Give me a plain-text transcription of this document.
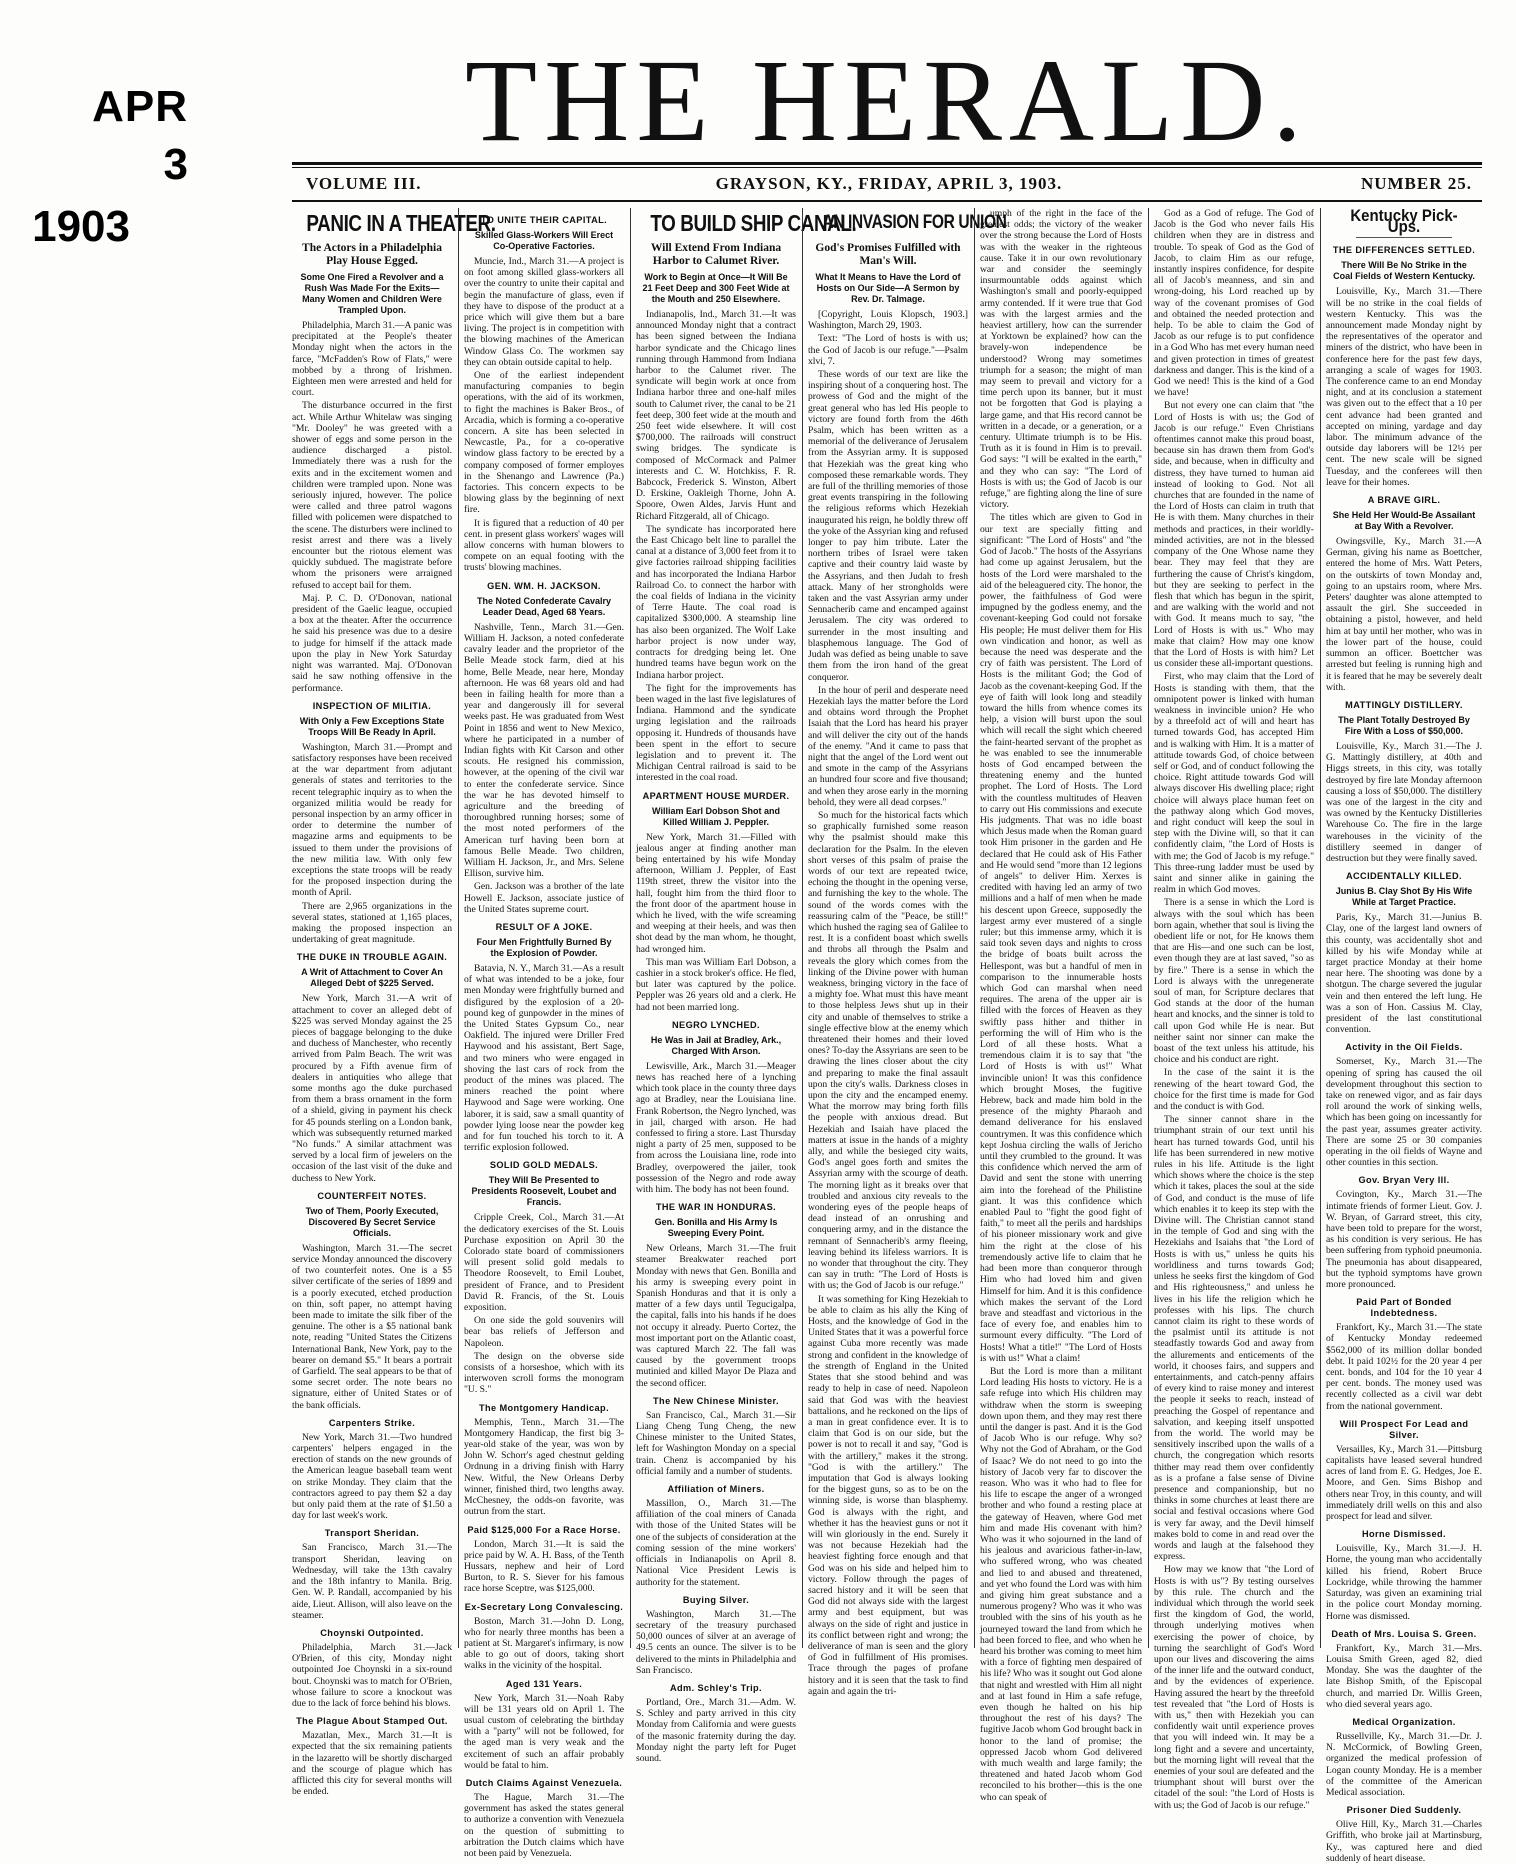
APR
3
1903
THE HERALD.
VOLUME III.	GRAYSON, KY., FRIDAY, APRIL 3, 1903.	NUMBER 25.
PANIC IN A THEATER.
The Actors in a Philadelphia Play House Egged.
Some One Fired a Revolver and a Rush Was Made For the Exits—Many Women and Children Were Trampled Upon.

Philadelphia, March 31.—A panic was precipitated at the People's theater Monday night when the actors in the farce, "McFadden's Row of Flats," were mobbed by a throng of Irishmen. Eighteen men were arrested and held for court.

The disturbance occurred in the first act. While Arthur Whitelaw was singing "Mr. Dooley" he was greeted with a shower of eggs and some person in the audience discharged a pistol. Immediately there was a rush for the exits and in the excitement women and children were trampled upon. None was seriously injured, however. The police were called and three patrol wagons filled with policemen were dispatched to the scene. The disturbers were inclined to resist arrest and there was a lively encounter but the riotous element was quickly subdued. The magistrate before whom the prisoners were arraigned refused to accept bail for them.

Maj. P. C. D. O'Donovan, national president of the Gaelic league, occupied a box at the theater. After the occurrence he said his presence was due to a desire to judge for himself if the attack made upon the play in New York Saturday night was warranted. Maj. O'Donovan said he saw nothing offensive in the performance.

INSPECTION OF MILITIA.
With Only a Few Exceptions State Troops Will Be Ready In April.

Washington, March 31.—Prompt and satisfactory responses have been received at the war department from adjutant generals of states and territories to the recent telegraphic inquiry as to when the organized militia would be ready for personal inspection by an army officer in order to determine the number of magazine arms and equipments to be issued to them under the provisions of the new militia law. With only few exceptions the state troops will be ready for the proposed inspection during the month of April.

There are 2,965 organizations in the several states, stationed at 1,165 places, making the proposed inspection an undertaking of great magnitude.

THE DUKE IN TROUBLE AGAIN.
A Writ of Attachment to Cover An Alleged Debt of $225 Served.

New York, March 31.—A writ of attachment to cover an alleged debt of $225 was served Monday against the 25 pieces of baggage belonging to the duke and duchess of Manchester, who recently arrived from Palm Beach. The writ was procured by a Fifth avenue firm of dealers in antiquities who allege that some months ago the duke purchased from them a brass ornament in the form of a shield, giving in payment his check for 45 pounds sterling on a London bank, which was subsequently returned marked "No funds." A similar attachment was served by a local firm of jewelers on the occasion of the last visit of the duke and duchess to New York.

COUNTERFEIT NOTES.
Two of Them, Poorly Executed, Discovered By Secret Service Officials.

Washington, March 31.—The secret service Monday announced the discovery of two counterfeit notes. One is a $5 silver certificate of the series of 1899 and is a poorly executed, etched production on thin, soft paper, no attempt having been made to imitate the silk fiber of the genuine. The other is a $5 national bank note, reading "United States the Citizens International Bank, New York, pay to the bearer on demand $5." It bears a portrait of Garfield. The seal appears to be that of some secret order. The note bears no signature, either of United States or of the bank officials.

Carpenters Strike.

New York, March 31.—Two hundred carpenters' helpers engaged in the erection of stands on the new grounds of the American league baseball team went on strike Monday. They claim that the contractors agreed to pay them $2 a day but only paid them at the rate of $1.50 a day for last week's work.

Transport Sheridan.

San Francisco, March 31.—The transport Sheridan, leaving on Wednesday, will take the 13th cavalry and the 18th infantry to Manila. Brig. Gen. W. P. Randall, accompanied by his aide, Lieut. Allison, will also leave on the steamer.

Choynski Outpointed.

Philadelphia, March 31.—Jack O'Brien, of this city, Monday night outpointed Joe Choynski in a six-round bout. Choynski was to match for O'Brien, whose failure to score a knockout was due to the lack of force behind his blows.

The Plague About Stamped Out.

Mazatlan, Mex., March 31.—It is expected that the six remaining patients in the lazaretto will be shortly discharged and the scourge of plague which has afflicted this city for several months will be ended.

TO UNITE THEIR CAPITAL.
Skilled Glass-Workers Will Erect Co-Operative Factories.

Muncie, Ind., March 31.—A project is on foot among skilled glass-workers all over the country to unite their capital and begin the manufacture of glass, even if they have to dispose of the product at a price which will give them but a bare living. The project is in competition with the blowing machines of the American Window Glass Co. The workmen say they can obtain outside capital to help.

One of the earliest independent manufacturing companies to begin operations, with the aid of its workmen, to fight the machines is Baker Bros., of Arcadia, which is forming a co-operative concern. A site has been selected in Newcastle, Pa., for a co-operative window glass factory to be erected by a company composed of former employes in the Shenango and Lawrence (Pa.) factories. This concern expects to be blowing glass by the beginning of next fire.

It is figured that a reduction of 40 per cent. in present glass workers' wages will allow concerns with human blowers to compete on an equal footing with the trusts' blowing machines.

GEN. WM. H. JACKSON.
The Noted Confederate Cavalry Leader Dead, Aged 68 Years.

Nashville, Tenn., March 31.—Gen. William H. Jackson, a noted confederate cavalry leader and the proprietor of the Belle Meade stock farm, died at his home, Belle Meade, near here, Monday afternoon. He was 68 years old and had been in failing health for more than a year and dangerously ill for several weeks past. He was graduated from West Point in 1856 and went to New Mexico, where he participated in a number of Indian fights with Kit Carson and other scouts. He resigned his commission, however, at the opening of the civil war to enter the confederate service. Since the war he has devoted himself to agriculture and the breeding of thoroughbred running horses; some of the most noted performers of the American turf having been born at famous Belle Meade. Two children, William H. Jackson, Jr., and Mrs. Selene Ellison, survive him.

Gen. Jackson was a brother of the late Howell E. Jackson, associate justice of the United States supreme court.

RESULT OF A JOKE.
Four Men Frightfully Burned By the Explosion of Powder.

Batavia, N. Y., March 31.—As a result of what was intended to be a joke, four men Monday were frightfully burned and disfigured by the explosion of a 20-pound keg of gunpowder in the mines of the United States Gypsum Co., near Oakfield. The injured were Driller Fred Haywood and his assistant, Bert Sage, and two miners who were engaged in shoving the last cars of rock from the product of the mines was placed. The miners reached the point where Haywood and Sage were working. One laborer, it is said, saw a small quantity of powder lying loose near the powder keg and for fun touched his torch to it. A terrific explosion followed.

SOLID GOLD MEDALS.
They Will Be Presented to Presidents Roosevelt, Loubet and Francis.

Cripple Creek, Col., March 31.—At the dedicatory exercises of the St. Louis Purchase exposition on April 30 the Colorado state board of commissioners will present solid gold medals to Theodore Roosevelt, to Emil Loubet, president of France, and to President David R. Francis, of the St. Louis exposition.

On one side the gold souvenirs will bear bas reliefs of Jefferson and Napoleon.

The design on the obverse side consists of a horseshoe, which with its interwoven scroll forms the monogram "U. S."

The Montgomery Handicap.

Memphis, Tenn., March 31.—The Montgomery Handicap, the first big 3-year-old stake of the year, was won by John W. Schorr's aged chestnut gelding Ordnung in a driving finish with Harry New. Witful, the New Orleans Derby winner, finished third, two lengths away. McChesney, the odds-on favorite, was outrun from the start.

Paid $125,000 For a Race Horse.

London, March 31.—It is said the price paid by W. A. H. Bass, of the Tenth Hussars, nephew and heir of Lord Burton, to R. S. Siever for his famous race horse Sceptre, was $125,000.

Ex-Secretary Long Convalescing.

Boston, March 31.—John D. Long, who for nearly three months has been a patient at St. Margaret's infirmary, is now able to go out of doors, taking short walks in the vicinity of the hospital.

Aged 131 Years.

New York, March 31.—Noah Raby will be 131 years old on April 1. The usual custom of celebrating the birthday with a "party" will not be followed, for the aged man is very weak and the excitement of such an affair probably would be fatal to him.

Dutch Claims Against Venezuela.

The Hague, March 31.—The government has asked the states general to authorize a convention with Venezuela on the question of submitting to arbitration the Dutch claims which have not been paid by Venezuela.

TO BUILD SHIP CANAL.
Will Extend From Indiana Harbor to Calumet River.
Work to Begin at Once—It Will Be 21 Feet Deep and 300 Feet Wide at the Mouth and 250 Elsewhere.

Indianapolis, Ind., March 31.—It was announced Monday night that a contract has been signed between the Indiana harbor syndicate and the Chicago lines running through Hammond from Indiana harbor to the Calumet river. The syndicate will begin work at once from Indiana harbor three and one-half miles south to Calumet river, the canal to be 21 feet deep, 300 feet wide at the mouth and 250 feet wide elsewhere. It will cost $700,000. The railroads will construct swing bridges. The syndicate is composed of McCormack and Palmer interests and C. W. Hotchkiss, F. R. Babcock, Frederick S. Winston, Albert D. Erskine, Oakleigh Thorne, John A. Spoore, Owen Aldes, Jarvis Hunt and Richard Fitzgerald, all of Chicago.

The syndicate has incorporated here the East Chicago belt line to parallel the canal at a distance of 3,000 feet from it to give factories railroad shipping facilities and has incorporated the Indiana Harbor Railroad Co. to connect the harbor with the coal fields of Indiana in the vicinity of Terre Haute. The coal road is capitalized $300,000. A steamship line has also been organized. The Wolf Lake harbor project is now under way, contracts for dredging being let. One hundred teams have begun work on the Indiana harbor project.

The fight for the improvements has been waged in the last five legislatures of Indiana. Hammond and the syndicate urging legislation and the railroads opposing it. Hundreds of thousands have been spent in the effort to secure legislation and to prevent it. The Michigan Central railroad is said to be interested in the coal road.

APARTMENT HOUSE MURDER.
William Earl Dobson Shot and Killed William J. Peppler.

New York, March 31.—Filled with jealous anger at finding another man being entertained by his wife Monday afternoon, William J. Peppler, of East 119th street, threw the visitor into the hall, fought him from the third floor to the front door of the apartment house in which he lived, with the wife screaming and weeping at their heels, and was then shot dead by the man whom, he thought, had wronged him.

This man was William Earl Dobson, a cashier in a stock broker's office. He fled, but later was captured by the police. Peppler was 26 years old and a clerk. He had not been married long.

NEGRO LYNCHED.
He Was in Jail at Bradley, Ark., Charged With Arson.

Lewisville, Ark., March 31.—Meager news has reached here of a lynching which took place in the county three days ago at Bradley, near the Louisiana line. Frank Robertson, the Negro lynched, was in jail, charged with arson. He had confessed to firing a store. Last Thursday night a party of 25 men, supposed to be from across the Louisiana line, rode into Bradley, overpowered the jailer, took possession of the Negro and rode away with him. The body has not been found.

THE WAR IN HONDURAS.
Gen. Bonilla and His Army Is Sweeping Every Point.

New Orleans, March 31.—The fruit steamer Breakwater reached port Monday with news that Gen. Bonilla and his army is sweeping every point in Spanish Honduras and that it is only a matter of a few days until Tegucigalpa, the capital, falls into his hands if he does not occupy it already. Puerto Cortez, the most important port on the Atlantic coast, was captured March 22. The fall was caused by the government troops mutinied and killed Mayor De Plaza and the second officer.

The New Chinese Minister.

San Francisco, Cal., March 31.—Sir Liang Cheng Tung Cheng, the new Chinese minister to the United States, left for Washington Monday on a special train. Chenz is accompanied by his official family and a number of students.

Affiliation of Miners.

Massillon, O., March 31.—The affiliation of the coal miners of Canada with those of the United States will be one of the subjects of consideration at the coming session of the mine workers' officials in Indianapolis on April 8. National Vice President Lewis is authority for the statement.

Buying Silver.

Washington, March 31.—The secretary of the treasury purchased 50,000 ounces of silver at an average of 49.5 cents an ounce. The silver is to be delivered to the mints in Philadelphia and San Francisco.

Adm. Schley's Trip.

Portland, Ore., March 31.—Adm. W. S. Schley and party arrived in this city Monday from California and were guests of the masonic fraternity during the day. Monday night the party left for Puget sound.

AN INVASION FOR UNION
God's Promises Fulfilled with Man's Will.
What It Means to Have the Lord of Hosts on Our Side—A Sermon by Rev. Dr. Talmage.

[Copyright, Louis Klopsch, 1903.] Washington, March 29, 1903.

Text: "The Lord of hosts is with us; the God of Jacob is our refuge."—Psalm xlvi, 7.

These words of our text are like the inspiring shout of a conquering host. The prowess of God and the might of the great general who has led His people to victory are found forth from the 46th Psalm, which has been written as a memorial of the deliverance of Jerusalem from the Assyrian army. It is supposed that Hezekiah was the great king who composed these remarkable words. They are full of the thrilling memories of those great events transpiring in the following the religious reforms which Hezekiah inaugurated his reign, he boldly threw off the yoke of the Assyrian king and refused longer to pay him tribute. Later the northern tribes of Israel were taken captive and their country laid waste by the Assyrians, and then Judah to fresh attack. Many of her strongholds were taken and the vast Assyrian army under Sennacherib came and encamped against Jerusalem. The city was ordered to surrender in the most insulting and blasphemous language. The God of Judah was defied as being unable to save them from the iron hand of the great conqueror.

In the hour of peril and desperate need Hezekiah lays the matter before the Lord and obtains word through the Prophet Isaiah that the Lord has heard his prayer and will deliver the city out of the hands of the enemy. "And it came to pass that night that the angel of the Lord went out and smote in the camp of the Assyrians an hundred four score and five thousand; and when they arose early in the morning behold, they were all dead corpses."

So much for the historical facts which so graphically furnished some reason why the psalmist should make this declaration for the Psalm. In the eleven short verses of this psalm of praise the words of our text are repeated twice, echoing the thought in the opening verse, and furnishing the key to the whole. The sound of the words comes with the reassuring calm of the "Peace, be still!" which hushed the raging sea of Galilee to rest. It is a confident boast which swells and throbs all through the Psalm and reveals the glory which comes from the linking of the Divine power with human weakness, bringing victory in the face of a mighty foe. What must this have meant to those helpless Jews shut up in their city and unable of themselves to strike a single effective blow at the enemy which threatened their homes and their loved ones? To-day the Assyrians are seen to be drawing the lines closer about the city and preparing to make the final assault upon the city's walls. Darkness closes in upon the city and the encamped enemy. What the morrow may bring forth fills the people with anxious dread. But Hezekiah and Isaiah have placed the matters at issue in the hands of a mighty ally, and while the besieged city waits, God's angel goes forth and smites the Assyrian army with the scourge of death. The morning light as it breaks over that troubled and anxious city reveals to the wondering eyes of the people heaps of dead instead of an onrushing and conquering army, and in the distance the remnant of Sennacherib's army fleeing, leaving behind its lifeless warriors. It is no wonder that throughout the city. They can say in truth: "The Lord of Hosts is with us; the God of Jacob is our refuge."

It was something for King Hezekiah to be able to claim as his ally the King of Hosts, and the knowledge of God in the United States that it was a powerful force against Cuba more recently was made strong and confident in the knowledge of the strength of England in the United States that she stood behind and was ready to help in case of need. Napoleon said that God was with the heaviest battalions, and he reckoned on the lips of a man in great confidence ever. It is to claim that God is on our side, but the power is not to recall it and say, "God is with the artillery," makes it the strong. "God is with the artillery." The imputation that God is always looking for the biggest guns, so as to be on the winning side, is worse than blasphemy. God is always with the right, and whether it has the heaviest guns or not it will win gloriously in the end. Surely it was not because Hezekiah had the heaviest fighting force enough and that God was on his side and helped him to victory. Follow through the pages of sacred history and it will be seen that God did not always side with the largest army and best equipment, but was always on the side of right and justice in its conflict between right and wrong; the deliverance of man is seen and the glory of God in fulfillment of His promises. Trace through the pages of profane history and it is seen that the task to find again and again the tri-

umph of the right in the face of the greatest odds; the victory of the weaker over the strong because the Lord of Hosts was with the weaker in the righteous cause. Take it in our own revolutionary war and consider the seemingly insurmountable odds against which Washington's small and poorly-equipped army contended. If it were true that God was with the largest armies and the heaviest artillery, how can the surrender at Yorktown be explained? how can the bravely-won independence be understood? Wrong may sometimes triumph for a season; the might of man may seem to prevail and victory for a time perch upon its banner, but it must not be forgotten that God is playing a large game, and that His record cannot be written in a decade, or a generation, or a century. Ultimate triumph is to be His. Truth as it is found in Him is to prevail. God says: "I will be exalted in the earth," and they who can say: "The Lord of Hosts is with us; the God of Jacob is our refuge," are fighting along the line of sure victory.

The titles which are given to God in our text are specially fitting and significant: "The Lord of Hosts" and "the God of Jacob." The hosts of the Assyrians had come up against Jerusalem, but the hosts of the Lord were marshaled to the aid of the beleaguered city. The honor, the power, the faithfulness of God were impugned by the godless enemy, and the covenant-keeping God could not forsake His people; He must deliver them for His own vindication and honor, as well as because the need was desperate and the cry of faith was persistent. The Lord of Hosts is the militant God; the God of Jacob as the covenant-keeping God. If the eye of faith will look long and steadily toward the hills from whence comes its help, a vision will burst upon the soul which will recall the sight which cheered the faint-hearted servant of the prophet as he was enabled to see the innumerable hosts of God encamped between the threatening enemy and the hunted prophet. The Lord of Hosts. The Lord with the countless multitudes of Heaven to carry out His commissions and execute His judgments. That was no idle boast which Jesus made when the Roman guard took Him prisoner in the garden and He declared that He could ask of His Father and He would send "more than 12 legions of angels" to deliver Him. Xerxes is credited with having led an army of two millions and a half of men when he made his descent upon Greece, supposedly the largest army ever mustered of a single ruler; but this immense army, which it is said took seven days and nights to cross the bridge of boats built across the Hellespont, was but a handful of men in comparison to the innumerable hosts which God can marshal when need requires. The arena of the upper air is filled with the forces of Heaven as they swiftly pass hither and thither in performing the will of Him who is the Lord of all these hosts. What a tremendous claim it is to say that "the Lord of Hosts is with us!" What invincible union! It was this confidence which brought Moses, the fugitive Hebrew, back and made him bold in the presence of the mighty Pharaoh and demand deliverance for his enslaved countrymen. It was this confidence which kept Joshua circling the walls of Jericho until they crumbled to the ground. It was this confidence which nerved the arm of David and sent the stone with unerring aim into the forehead of the Philistine giant. It was this confidence which enabled Paul to "fight the good fight of faith," to meet all the perils and hardships of his pioneer missionary work and give him the right at the close of his tremendously active life to claim that he had been more than conqueror through Him who had loved him and given Himself for him. And it is this confidence which makes the servant of the Lord brave and steadfast and victorious in the face of every foe, and enables him to surmount every difficulty. "The Lord of Hosts! What a title!" "The Lord of Hosts is with us!" What a claim!

But the Lord is more than a militant Lord leading His hosts to victory. He is a safe refuge into which His children may withdraw when the storm is sweeping down upon them, and they may rest there until the danger is past. And it is the God of Jacob Who is our refuge. Why so? Why not the God of Abraham, or the God of Isaac? We do not need to go into the history of Jacob very far to discover the reason. Who was it who had to flee for his life to escape the anger of a wronged brother and who found a resting place at the gateway of Heaven, where God met him and made His covenant with him? Who was it who sojourned in the land of his jealous and avaricious father-in-law, who suffered wrong, who was cheated and lied to and abused and threatened, and yet who found the Lord was with him and giving him great substance and a numerous progeny? Who was it who was troubled with the sins of his youth as he journeyed toward the land from which he had been forced to flee, and who when he heard his brother was coming to meet him with a force of fighting men despaired of his life? Who was it sought out God alone that night and wrestled with Him all night and at last found in Him a safe refuge, even though he halted on his hip throughout the rest of his days? The fugitive Jacob whom God brought back in honor to the land of promise; the oppressed Jacob whom God delivered with much wealth and large family; the threatened and hated Jacob whom God reconciled to his brother—this is the one who can speak of

God as a God of refuge. The God of Jacob is the God who never fails His children when they are in distress and trouble. To speak of God as the God of Jacob, to claim Him as our refuge, instantly inspires confidence, for despite all of Jacob's meanness, and sin and wrong-doing, his Lord reached up by way of the covenant promises of God and obtained the needed protection and help. To be able to claim the God of Jacob as our refuge is to put confidence in a God Who has met every human need and given protection in times of greatest darkness and danger. This is the kind of a God we need! This is the kind of a God we have!

But not every one can claim that "the Lord of Hosts is with us; the God of Jacob is our refuge." Even Christians oftentimes cannot make this proud boast, because sin has drawn them from God's side, and because, when in difficulty and distress, they have turned to human aid instead of looking to God. Not all churches that are founded in the name of the Lord of Hosts can claim in truth that He is with them. Many churches in their methods and practices, in their worldly-minded activities, are not in the blessed company of the One Whose name they bear. They may feel that they are furthering the cause of Christ's kingdom, but they are seeking to perfect in the flesh that which has begun in the spirit, and are walking with the world and not with God. It means much to say, "the Lord of Hosts is with us." Who may make that claim? How may one know that the Lord of Hosts is with him? Let us consider these all-important questions.

First, who may claim that the Lord of Hosts is standing with them, that the omnipotent power is linked with human weakness in invincible union? He who by a threefold act of will and heart has turned towards God, has accepted Him and is walking with Him. It is a matter of attitude towards God, of choice between self or God, and of conduct following the choice. Right attitude towards God will always discover His dwelling place; right choice will always place human feet on the pathway along which God moves, and right conduct will keep the soul in step with the Divine will, so that it can confidently claim, "the Lord of Hosts is with me; the God of Jacob is my refuge." This three-rung ladder must be used by saint and sinner alike in gaining the realm in which God moves.

There is a sense in which the Lord is always with the soul which has been born again, whether that soul is living the obedient life or not, for He knows them that are His—and one such can be lost, even though they are at last saved, "so as by fire." There is a sense in which the Lord is always with the unregenerate soul of man, for Scripture declares that God stands at the door of the human heart and knocks, and the sinner is told to call upon God while He is near. But neither saint nor sinner can make the boast of the text unless his attitude, his choice and his conduct are right.

In the case of the saint it is the renewing of the heart toward God, the choice for the first time is made for God and the conduct is with God.

The sinner cannot share in the triumphant strain of our text until his heart has turned towards God, until his life has been surrendered in new motive rules in his life. Attitude is the light which shows where the choice is the step which it takes, places the soul at the side of God, and conduct is the muse of life which enables it to keep its step with the Divine will. The Christian cannot stand in the temple of God and sing with the Hezekiahs and Isaiahs that "the Lord of Hosts is with us," unless he quits his worldliness and turns towards God; unless he seeks first the kingdom of God and His righteousness," and unless he lives in his life the religion which he professes with his lips. The church cannot claim its right to these words of the psalmist until its attitude is not steadfastly towards God and away from the allurements and enticements of the world, it chooses fairs, and suppers and entertainments, and catch-penny affairs of every kind to raise money and interest the people it seeks to reach, instead of preaching the Gospel of repentance and salvation, and keeping itself unspotted from the world. The world may be sensitively inscribed upon the walls of a church, the congregation which resorts thither may read them over confidently as is a profane a false sense of Divine presence and companionship, but no thinks in some churches at least there are social and festival occasions where God is very far away, and the Devil himself makes bold to come in and read over the words and laugh at the falsehood they express.

How may we know that "the Lord of Hosts is with us"? By testing ourselves by this rule. The church and the individual which through the world seek first the kingdom of God, the world, through underlying motives when exercising the power of choice, by turning the searchlight of God's Word upon our lives and discovering the aims of the inner life and the outward conduct, and by the evidences of experience. Having assured the heart by the threefold test revealed that "the Lord of Hosts is with us," then with Hezekiah you can confidently wait until experience proves that you will indeed win. It may be a long fight and a severe and uncertainty, but the morning light will reveal that the enemies of your soul are defeated and the triumphant shout will burst over the citadel of the soul: "the Lord of Hosts is with us; the God of Jacob is our refuge."

Kentucky Pick-Ups.
THE DIFFERENCES SETTLED.
There Will Be No Strike in the Coal Fields of Western Kentucky.

Louisville, Ky., March 31.—There will be no strike in the coal fields of western Kentucky. This was the announcement made Monday night by the representatives of the operator and miners of the district, who have been in conference here for the past few days, arranging a scale of wages for 1903. The conference came to an end Monday night, and at its conclusion a statement was given out to the effect that a 10 per cent advance had been granted and accepted on mining, yardage and day labor. The minimum advance of the outside day laborers will be 12½ per cent. The new scale will be signed Tuesday, and the conferees will then leave for their homes.

A BRAVE GIRL.
She Held Her Would-Be Assailant at Bay With a Revolver.

Owingsville, Ky., March 31.—A German, giving his name as Boettcher, entered the home of Mrs. Watt Peters, on the outskirts of town Monday and, going to an upstairs room, where Mrs. Peters' daughter was alone attempted to assault the girl. She succeeded in obtaining a pistol, however, and held him at bay until her mother, who was in the lower part of the house, could summon an officer. Boettcher was arrested but feeling is running high and it is feared that he may be severely dealt with.

MATTINGLY DISTILLERY.
The Plant Totally Destroyed By Fire With a Loss of $50,000.

Louisville, Ky., March 31.—The J. G. Mattingly distillery, at 40th and Higgs streets, in this city, was totally destroyed by fire late Monday afternoon causing a loss of $50,000. The distillery was one of the largest in the city and was owned by the Kentucky Distilleries Warehouse Co. The fire in the large warehouses in the vicinity of the distillery seemed in danger of destruction but they were finally saved.

ACCIDENTALLY KILLED.
Junius B. Clay Shot By His Wife While at Target Practice.

Paris, Ky., March 31.—Junius B. Clay, one of the largest land owners of this county, was accidentally shot and killed by his wife Monday while at target practice Monday at their home near here. The shooting was done by a shotgun. The charge severed the jugular vein and then entered the left lung. He was a son of Hon. Cassius M. Clay, president of the last constitutional convention.

Activity in the Oil Fields.

Somerset, Ky., March 31.—The opening of spring has caused the oil development throughout this section to take on renewed vigor, and as fair days roll around the work of sinking wells, which has been going on incessantly for the past year, assumes greater activity. There are some 25 or 30 companies operating in the oil fields of Wayne and other counties in this section.

Gov. Bryan Very Ill.

Covington, Ky., March 31.—The intimate friends of former Lieut. Gov. J. W. Bryan, of Garrard street, this city, have been told to prepare for the worst, as his condition is very serious. He has been suffering from typhoid pneumonia. The pneumonia has about disappeared, but the typhoid symptoms have grown more pronounced.

Paid Part of Bonded Indebtedness.

Frankfort, Ky., March 31.—The state of Kentucky Monday redeemed $562,000 of its million dollar bonded debt. It paid 102½ for the 20 year 4 per cent. bonds, and 104 for the 10 year 4 per cent. bonds. The money used was recently collected as a civil war debt from the national government.

Will Prospect For Lead and Silver.

Versailles, Ky., March 31.—Pittsburg capitalists have leased several hundred acres of land from E. G. Hedges, Joe E. Moore, and Gen. Sims Bishop and others near Troy, in this county, and will immediately drill wells on this and also prospect for lead and silver.

Horne Dismissed.

Louisville, Ky., March 31.—J. H. Horne, the young man who accidentally killed his friend, Robert Bruce Lockridge, while throwing the hammer Saturday, was given an examining trial in the police court Monday morning. Horne was dismissed.

Death of Mrs. Louisa S. Green.

Frankfort, Ky., March 31.—Mrs. Louisa Smith Green, aged 82, died Monday. She was the daughter of the late Bishop Smith, of the Episcopal church, and married Dr. Willis Green, who died several years ago.

Medical Organization.

Russellville, Ky., March 31.—Dr. J. N. McCormick, of Bowling Green, organized the medical profession of Logan county Monday. He is a member of the committee of the American Medical association.

Prisoner Died Suddenly.

Olive Hill, Ky., March 31.—Charles Griffith, who broke jail at Martinsburg, Ky., was captured here and died suddenly of heart disease.
